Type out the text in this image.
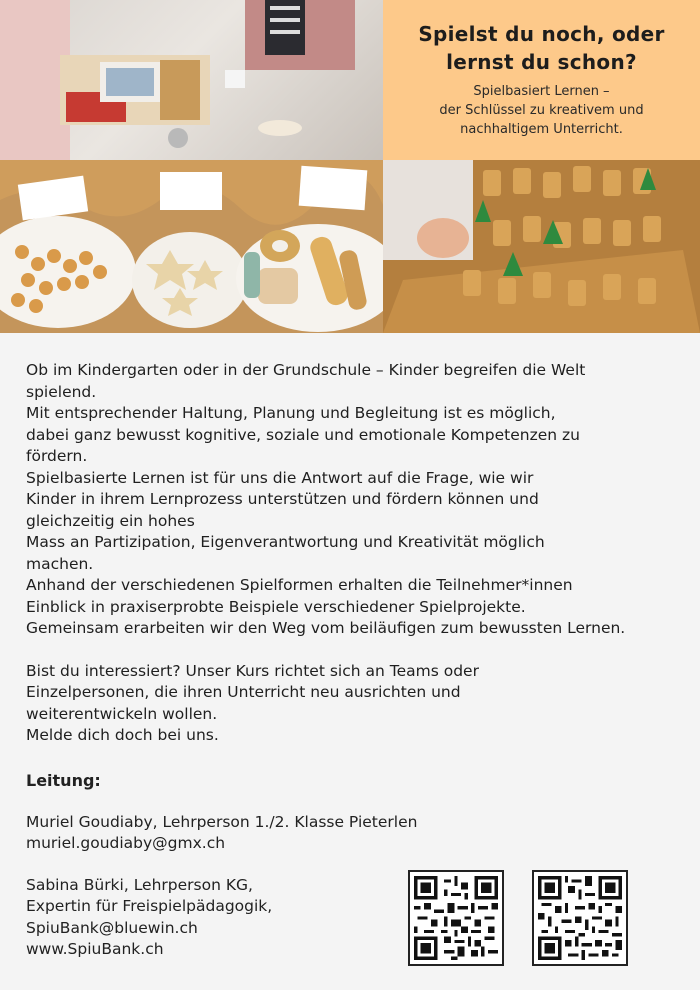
Spielst du noch, oder
lernst du schon?
Spielbasiert Lernen –
der Schlüssel zu kreativem und
nachhaltigem Unterricht.
Ob im Kindergarten oder in der Grundschule – Kinder begreifen die Welt
spielend.
Mit entsprechender Haltung, Planung und Begleitung ist es möglich,
dabei ganz bewusst kognitive, soziale und emotionale Kompetenzen zu
fördern.
Spielbasierte Lernen ist für uns die Antwort auf die Frage, wie wir
Kinder in ihrem Lernprozess unterstützen und fördern können und
gleichzeitig ein hohes
Mass an Partizipation, Eigenverantwortung und Kreativität möglich
machen.
Anhand der verschiedenen Spielformen erhalten die Teilnehmer*innen
Einblick in praxiserprobte Beispiele verschiedener Spielprojekte.
Gemeinsam erarbeiten wir den Weg vom beiläufigen zum bewussten Lernen.
Bist du interessiert? Unser Kurs richtet sich an Teams oder
Einzelpersonen, die ihren Unterricht neu ausrichten und
weiterentwickeln wollen.
Melde dich doch bei uns.
Leitung:
Muriel Goudiaby, Lehrperson 1./2. Klasse Pieterlen
muriel.goudiaby@gmx.ch
Sabina Bürki, Lehrperson KG,
Expertin für Freispielpädagogik,
SpiuBank@bluewin.ch
www.SpiuBank.ch
